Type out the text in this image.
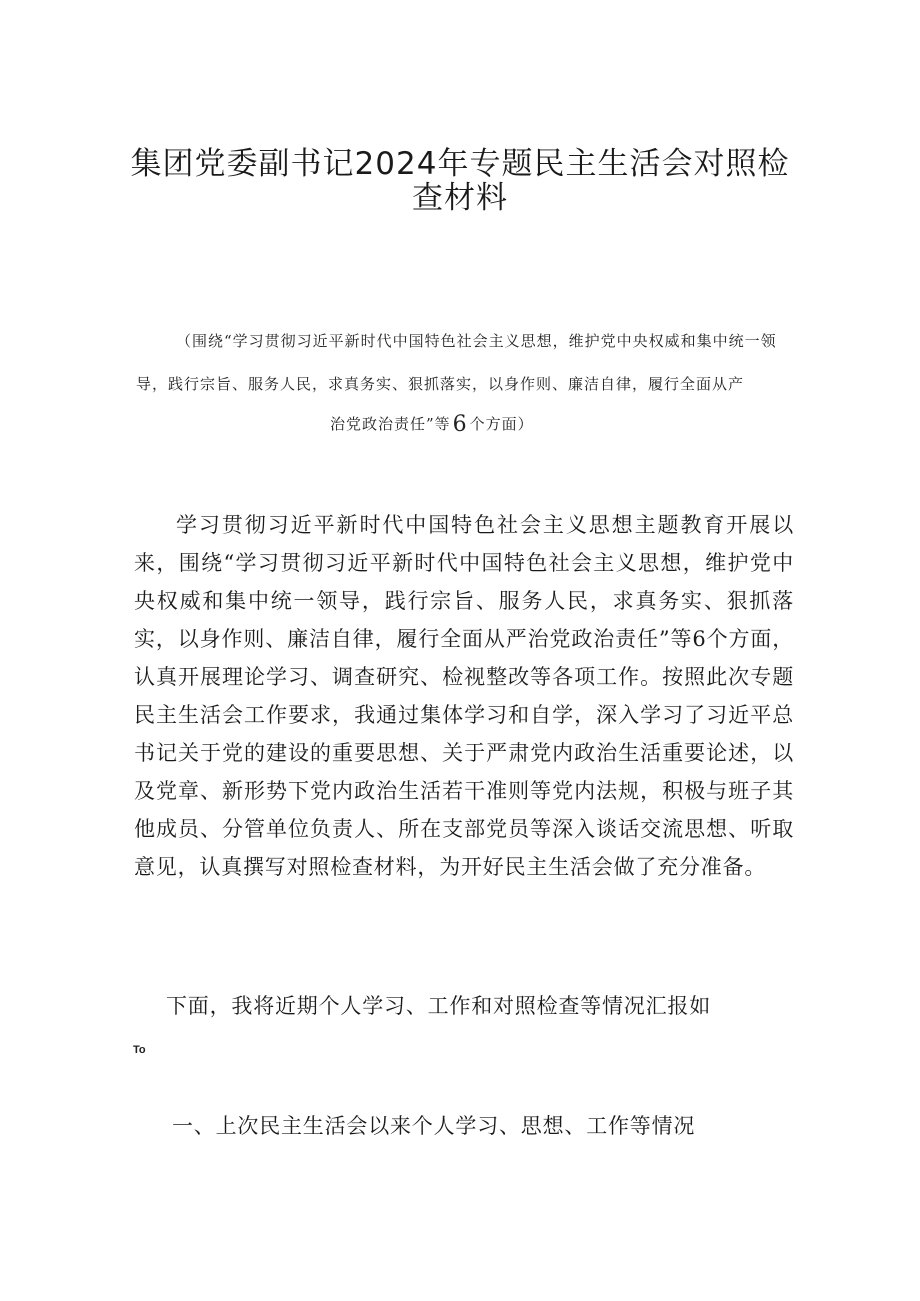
集团党委副书记2024年专题民主生活会对照检
查材料
（围绕“学习贯彻习近平新时代中国特色社会主义思想，维护党中央权威和集中统一领
导，践行宗旨、服务人民，求真务实、狠抓落实，以身作则、廉洁自律，履行全面从产
治党政治责任”等6 个方面）

学习贯彻习近平新时代中国特色社会主义思想主题教育开展以来，围绕“学习贯彻习近平新时代中国特色社会主义思想，维护党中央权威和集中统一领导，践行宗旨、服务人民，求真务实、狠抓落实，以身作则、廉洁自律，履行全面从严治党政治责任”等6个方面，认真开展理论学习、调查研究、检视整改等各项工作。按照此次专题民主生活会工作要求，我通过集体学习和自学，深入学习了习近平总书记关于党的建设的重要思想、关于严肃党内政治生活重要论述，以及党章、新形势下党内政治生活若干准则等党内法规，积极与班子其他成员、分管单位负责人、所在支部党员等深入谈话交流思想、听取意见，认真撰写对照检查材料，为开好民主生活会做了充分准备。

下面，我将近期个人学习、工作和对照检查等情况汇报如
To
一、上次民主生活会以来个人学习、思想、工作等情况
